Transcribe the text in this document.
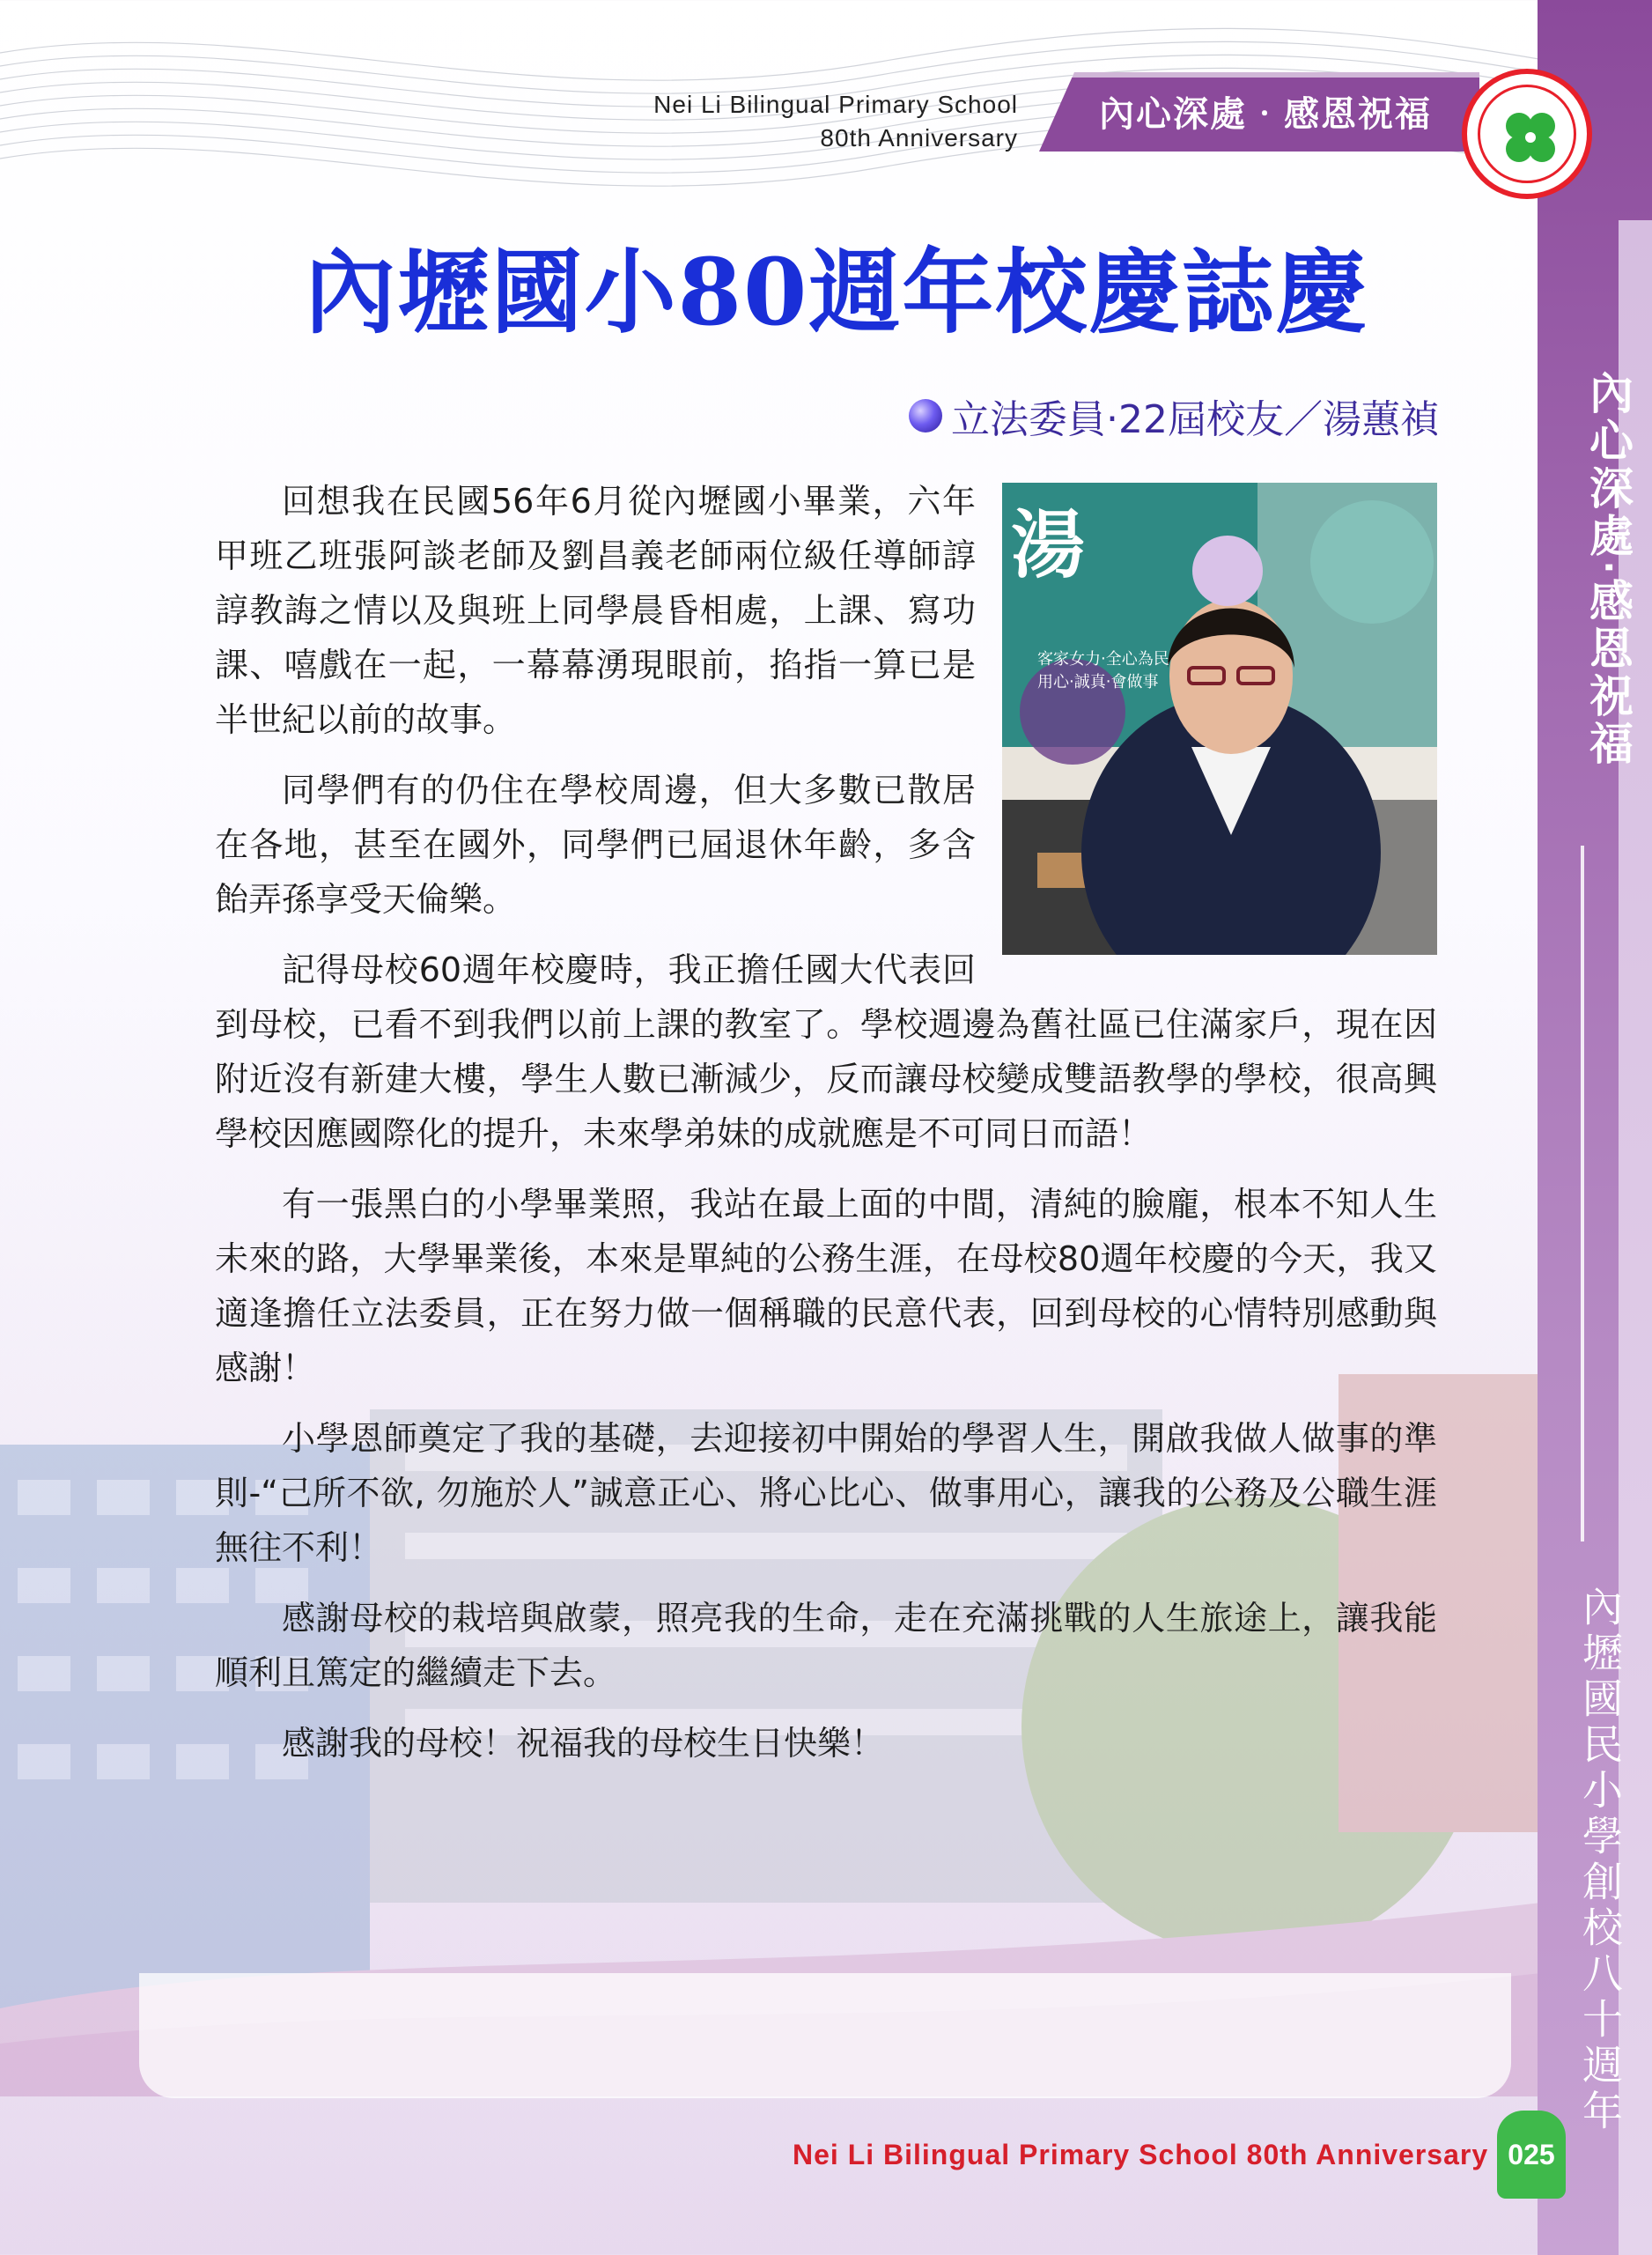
內心深處‧感恩祝福
內壢國民小學創校八十週年
Nei Li Bilingual Primary School
80th Anniversary
內心深處‧感恩祝福
內壢國小80週年校慶誌慶
立法委員‧22屆校友／湯蕙禎
湯
客家女力‧全心為民
用心‧誠真‧會做事

回想我在民國56年6月從內壢國小畢業，六年甲班乙班張阿談老師及劉昌義老師兩位級任導師諄諄教誨之情以及與班上同學晨昏相處，上課、寫功課、嘻戲在一起，一幕幕湧現眼前，掐指一算已是半世紀以前的故事。

同學們有的仍住在學校周邊，但大多數已散居在各地，甚至在國外，同學們已屆退休年齡，多含飴弄孫享受天倫樂。

記得母校60週年校慶時，我正擔任國大代表回到母校，已看不到我們以前上課的教室了。學校週邊為舊社區已住滿家戶，現在因附近沒有新建大樓，學生人數已漸減少，反而讓母校變成雙語教學的學校，很高興學校因應國際化的提升，未來學弟妹的成就應是不可同日而語！

有一張黑白的小學畢業照，我站在最上面的中間，清純的臉龐，根本不知人生未來的路，大學畢業後，本來是單純的公務生涯，在母校80週年校慶的今天，我又適逢擔任立法委員，正在努力做一個稱職的民意代表，回到母校的心情特別感動與感謝！

小學恩師奠定了我的基礎，去迎接初中開始的學習人生，開啟我做人做事的準則-“己所不欲, 勿施於人”誠意正心、將心比心、做事用心，讓我的公務及公職生涯無往不利！

感謝母校的栽培與啟蒙，照亮我的生命，走在充滿挑戰的人生旅途上，讓我能順利且篤定的繼續走下去。

感謝我的母校！祝福我的母校生日快樂！

Nei Li Bilingual Primary School 80th Anniversary 025
